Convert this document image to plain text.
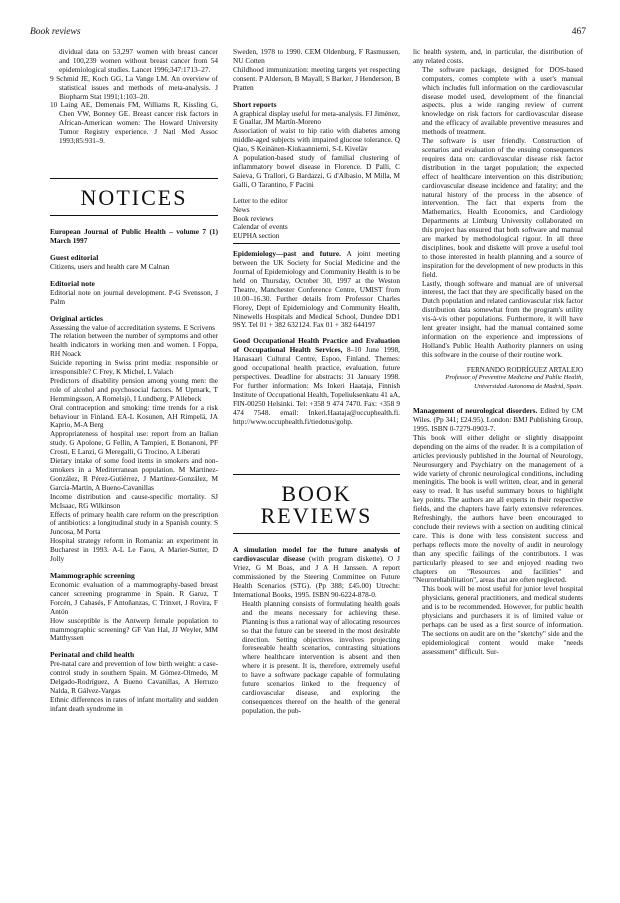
Book reviews	467

dividual data on 53,297 women with breast cancer and 100,239 women without breast cancer from 54 epidemiological studies. Lancet 1996;347:1713–27.

9 Schmid JE, Koch GG, La Vange LM. An overview of statistical issues and methods of meta-analysis. J Biopharm Stat 1991;1:103–20.

10 Laing AE, Demenais FM, Williams R, Kissling G, Chen VW, Bonney GE. Breast cancer risk factors in African-American women: The Howard University Tumor Registry experience. J Natl Med Assoc 1993;85:931–9.

NOTICES

European Journal of Public Health – volume 7 (1) March 1997

Guest editorial

Citizens, users and health care M Calnan

Editorial note

Editorial note on journal development. P-G Svensson, J Palm

Original articles

Assessing the value of accreditation systems. E Scrivens

The relation between the number of symptoms and other health indicators in working men and women. I Foppa, RH Noack

Suicide reporting in Swiss print media: responsible or irresponsible? C Frey, K Michel, L Valach

Predictors of disability pension among young men: the role of alcohol and psychosocial factors. M Upmark, T Hemmingsson, A Romelsjö, I Lundberg, P Allebeck

Oral contraception and smoking: time trends for a risk behaviour in Finland. EA-L Kosunen, AH Rimpelä, JA Kaprio, M-A Berg

Appropriateness of hospital use: report from an Italian study. G Apolone, G Fellin, A Tampieri, E Bonanoni, PF Crosti, E Lanzi, G Meregalli, G Trocino, A Liberati

Dietary intake of some food items in smokers and non-smokers in a Mediterranean population. M Martínez-González, R Pérez-Gutiérrez, J Martínez-González, M García-Martín, A Bueno-Cavanillas

Income distribution and cause-specific mortality. SJ McIsaac, RG Wilkinson

Effects of primary health care reform on the prescription of antibiotics: a longitudinal study in a Spanish county. S Juncosa, M Porta

Hospital strategy reform in Romania: an experiment in Bucharest in 1993. A-L Le Faou, A Marier-Sutter, D Jolly

Mammographic screening

Economic evaluation of a mammography-based breast cancer screening programme in Spain. R Garuz, T Forcén, J Cabasés, F Antoñanzas, C Trinxet, J Rovira, F Antón

How susceptible is the Antwerp female population to mammographic screening? GF Van Hal, JJ Weyler, MM Matthyssen

Perinatal and child health

Pre-natal care and prevention of low birth weight: a case-control study in southern Spain. M Gómez-Olmedo, M Delgado-Rodríguez, A Bueno Cavanillas, A Herruzo Nalda, R Gálvez-Vargas

Ethnic differences in rates of infant mortality and sudden infant death syndrome in

Sweden, 1978 to 1990. CEM Oldenburg, F Rasmussen, NU Cotten

Childhood immunization: meeting targets yet respecting consent. P Alderson, B Mayall, S Barker, J Henderson, B Pratten

Short reports

A graphical display useful for meta-analysis. FJ Jiménez, E Guallar, JM Martín-Moreno

Association of waist to hip ratio with diabetes among middle-aged subjects with impaired glucose tolerance. Q Qiao, S Keinänen-Kiukaanniemi, S-L Kiveläv

A population-based study of familial clustering of inflammatory bowel disease in Florence. D Palli, C Saieva, G Trallori, G Bardazzi, G d'Albasio, M Milla, M Galli, O Tarantino, F Pacini

Letter to the editor

News

Book reviews

Calendar of events

EUPHA section

Epidemiology—past and future. A joint meeting between the UK Society for Social Medicine and the Journal of Epidemiology and Community Health is to be held on Thursday, October 30, 1997 at the Weston Theatre, Manchester Conference Centre, UMIST from 10.00–16.30. Further details from Professor Charles Florey, Dept of Epidemiology and Community Health, Ninewells Hospitals and Medical School, Dundee DD1 9SY. Tel 01 + 382 632124. Fax 01 + 382 644197

Good Occupational Health Practice and Evaluation of Occupational Health Services, 8–10 June 1998, Hanasaari Cultural Centre, Espoo, Finland. Themes: good occupational health practice, evaluation, future perspectives. Deadline for abstracts: 31 January 1998. For further information: Ms Inkeri Haataja, Finnish Institute of Occupational Health, Topeliuksenkatu 41 aA, FIN-00250 Helsinki. Tel: +358 9 474 7470. Fax: +358 9 474 7548. email: Inkeri.Haataja@occuphealth.fi. http://www.occuphealth.fi/tiedotus/gohp.

BOOK REVIEWS

A simulation model for the future analysis of cardiovascular disease (with program diskette). O J Vriez, G M Boas, and J A H Janssen. A report commissioned by the Steering Committee on Future Health Scenarios (STG). (Pp 388; £45.00) Utrecht: International Books, 1995. ISBN 90-6224-878-0.

Health planning consists of formulating health goals and the means necessary for achieving these. Planning is thus a rational way of allocating resources so that the future can be steered in the most desirable direction. Setting objectives involves projecting foreseeable health scenarios, contrasting situations where healthcare intervention is absent and then where it is present. It is, therefore, extremely useful to have a software package capable of formulating future scenarios linked to the frequency of cardiovascular disease, and exploring the consequences thereof on the health of the general population, the pub-

lic health system, and, in particular, the distribution of any related costs.

The software package, designed for DOS-based computers, comes complete with a user's manual which includes full information on the cardiovascular disease model used, development of the financial aspects, plus a wide ranging review of current knowledge on risk factors for cardiovascular disease and the efficacy of available preventive measures and methods of treatment.

The software is user friendly. Construction of scenarios and evaluation of the ensuing consequences requires data on: cardiovascular disease risk factor distribution in the target population; the expected effect of healthcare intervention on this distribution; cardiovascular disease incidence and fatality; and the natural history of the process in the absence of intervention. The fact that experts from the Mathematics, Health Economics, and Cardiology Departments at Limburg University collaborated on this project has ensured that both software and manual are marked by methodological rigour. In all three disciplines, book and diskette will prove a useful tool to those interested in health planning and a source of inspiration for the development of new products in this field.

Lastly, though software and manual are of universal interest, the fact that they are specifically based on the Dutch population and related cardiovascular risk factor distribution data somewhat from the program's utility vis-à-vis other populations. Furthermore, it will have lent greater insight, had the manual contained some information on the experience and impressions of Holland's Public Health Authority planners on using this software in the course of their routine work.

FERNANDO RODRÍGUEZ ARTALEJO
Professor of Preventive Medicine and Public Health,
Universidad Autonoma de Madrid, Spain.

Management of neurological disorders. Edited by CM Wiles. (Pp 341; £24.95). London: BMJ Publishing Group, 1995. ISBN 0-7279-0903-7.

This book will either delight or slightly disappoint depending on the aims of the reader. It is a compilation of articles previously published in the Journal of Neurology, Neurosurgery and Psychiatry on the management of a wide variety of chronic neurological conditions, including meningitis. The book is well written, clear, and in general easy to read. It has useful summary boxes to highlight key points. The authors are all experts in their respective fields, and the chapters have fairly extensive references. Refreshingly, the authors have been encouraged to conclude their reviews with a section on auditing clinical care. This is done with less consistent success and perhaps reflects more the novelty of audit in neurology than any specific failings of the contributors. I was particularly pleased to see and enjoyed reading two chapters on "Resources and facilities" and "Neurorehabilitation", areas that are often neglected.

This book will be most useful for junior level hospital physicians, general practitioners, and medical students and is to be recommended. However, for public health physicians and purchasers it is of limited value or perhaps can be used as a first source of information. The sections on audit are on the "sketchy" side and the epidemiological content would make "needs assessment" difficult. Sur-
